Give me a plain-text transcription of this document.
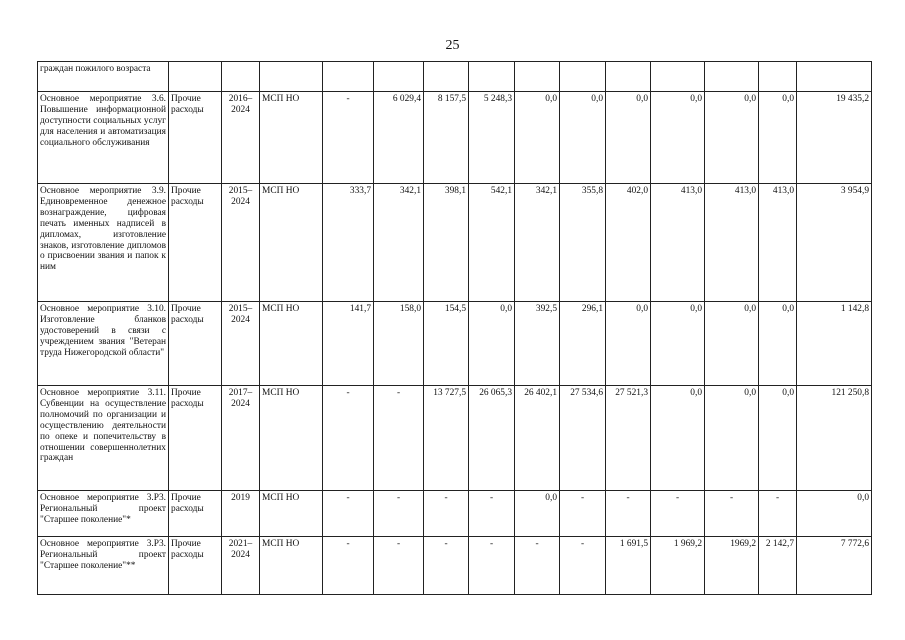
25
граждан пожилого возраста														
Основное мероприятие 3.6. Повышение информационной доступности социальных услуг для населения и автоматизация социального обслуживания	Прочие расходы	2016–2024	МСП НО	-	6 029,4	8 157,5	5 248,3	0,0	0,0	0,0	0,0	0,0	0,0	19 435,2
Основное мероприятие 3.9. Единовременное денежное вознаграждение, цифровая печать именных надписей в дипломах, изготовление знаков, изготовление дипломов о присвоении звания и папок к ним	Прочие расходы	2015–2024	МСП НО	333,7	342,1	398,1	542,1	342,1	355,8	402,0	413,0	413,0	413,0	3 954,9
Основное мероприятие 3.10. Изготовление бланков удостоверений в связи с учреждением звания "Ветеран труда Нижегородской области"	Прочие расходы	2015–2024	МСП НО	141,7	158,0	154,5	0,0	392,5	296,1	0,0	0,0	0,0	0,0	1 142,8
Основное мероприятие 3.11. Субвенции на осуществление полномочий по организации и осуществлению деятельности по опеке и попечительству в отношении совершеннолетних граждан	Прочие расходы	2017–2024	МСП НО	-	-	13 727,5	26 065,3	26 402,1	27 534,6	27 521,3	0,0	0,0	0,0	121 250,8
Основное мероприятие 3.P3. Региональный проект "Старшее поколение"*	Прочие расходы	2019	МСП НО	-	-	-	-	0,0	-	-	-	-	-	0,0
Основное мероприятие 3.P3. Региональный проект "Старшее поколение"**	Прочие расходы	2021–2024	МСП НО	-	-	-	-	-	-	1 691,5	1 969,2	1969,2	2 142,7	7 772,6
